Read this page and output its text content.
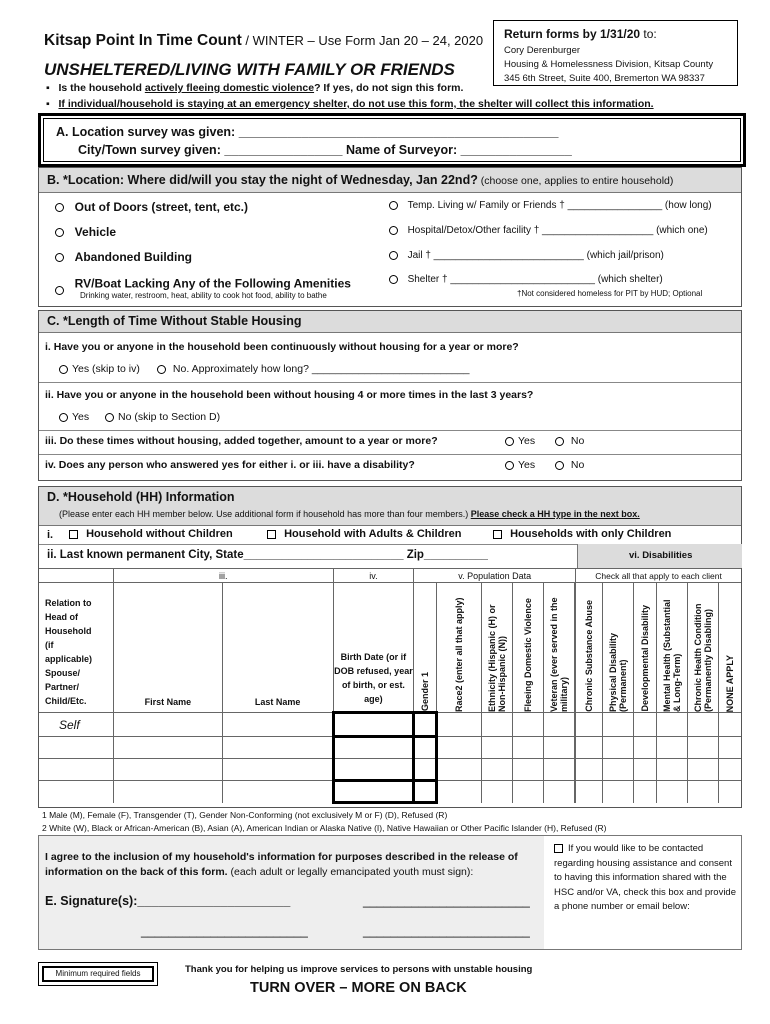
Kitsap Point In Time Count / WINTER – Use Form Jan 20 – 24, 2020
UNSHELTERED/LIVING WITH FAMILY OR FRIENDS
▪   Is the household actively fleeing domestic violence? If yes, do not sign this form.
▪   If individual/household is staying at an emergency shelter, do not use this form, the shelter will collect this information.
Return forms by 1/31/20 to:
Cory Derenburger
Housing & Homelessness Division, Kitsap County
345 6th Street, Suite 400, Bremerton WA 98337
A. Location survey was given: ______________________________________________
City/Town survey given: _________________ Name of Surveyor: ________________
B. *Location: Where did/will you stay the night of Wednesday, Jan 22nd? (choose one, applies to entire household)
Out of Doors (street, tent, etc.)
Vehicle
Abandoned Building
RV/Boat Lacking Any of the Following Amenities
Drinking water, restroom, heat, ability to cook hot food, ability to bathe
Temp. Living w/ Family or Friends † _________________ (how long)
Hospital/Detox/Other facility † ____________________ (which one)
Jail † ___________________________ (which jail/prison)
Shelter † __________________________ (which shelter)
†Not considered homeless for PIT by HUD; Optional
C. *Length of Time Without Stable Housing
i. Have you or anyone in the household been continuously without housing for a year or more?
Yes (skip to iv)	No. Approximately how long? ___________________________
ii. Have you or anyone in the household been without housing 4 or more times in the last 3 years?
Yes	No (skip to Section D)
iii. Do these times without housing, added together, amount to a year or more?	Yes	No
iv. Does any person who answered yes for either i. or iii. have a disability?	Yes	No
D. *Household (HH) Information
(Please enter each HH member below. Use additional form if household has more than four members.) Please check a HH type in the next box.
i.	Household without Children	Household with Adults & Children	Households with only Children
ii. Last known permanent City, State_________________________ Zip__________	vi. Disabilities
	iii.		iv.	v. Population Data					Check all that apply to each client					

Relation to Head of Household (if applicable) Spouse/ Partner/ Child/Etc.	First Name	Last Name	Birth Date (or if DOB refused, year of birth, or est. age)	Gender 1	Race2 (enter all that apply)	Ethnicity (Hispanic (H) or Non-Hispanic (N))	Fleeing Domestic Violence	Veteran (ever served in the military)		Chronic Substance Abuse	Physical Disability (Permanent)	Developmental Disability	Mental Health (Substantial & Long-Term)	Chronic Health Condition (Permanently Disabling)	NONE APPLY

Self															

1 Male (M), Female (F), Transgender (T), Gender Non-Conforming (not exclusively M or F) (D), Refused (R)
2 White (W), Black or African-American (B), Asian (A), American Indian or Alaska Native (I), Native Hawaiian or Other Pacific Islander (H), Refused (R)
I agree to the inclusion of my household's information for purposes described in the release of information on the back of this form. (each adult or legally emancipated youth must sign):
E. Signature(s):______________________	________________________
________________________	________________________
If you would like to be contacted regarding housing assistance and consent to having this information shared with the HSC and/or VA, check this box and provide a phone number or email below:
Minimum required fields	Thank you for helping us improve services to persons with unstable housing
TURN OVER – MORE ON BACK
